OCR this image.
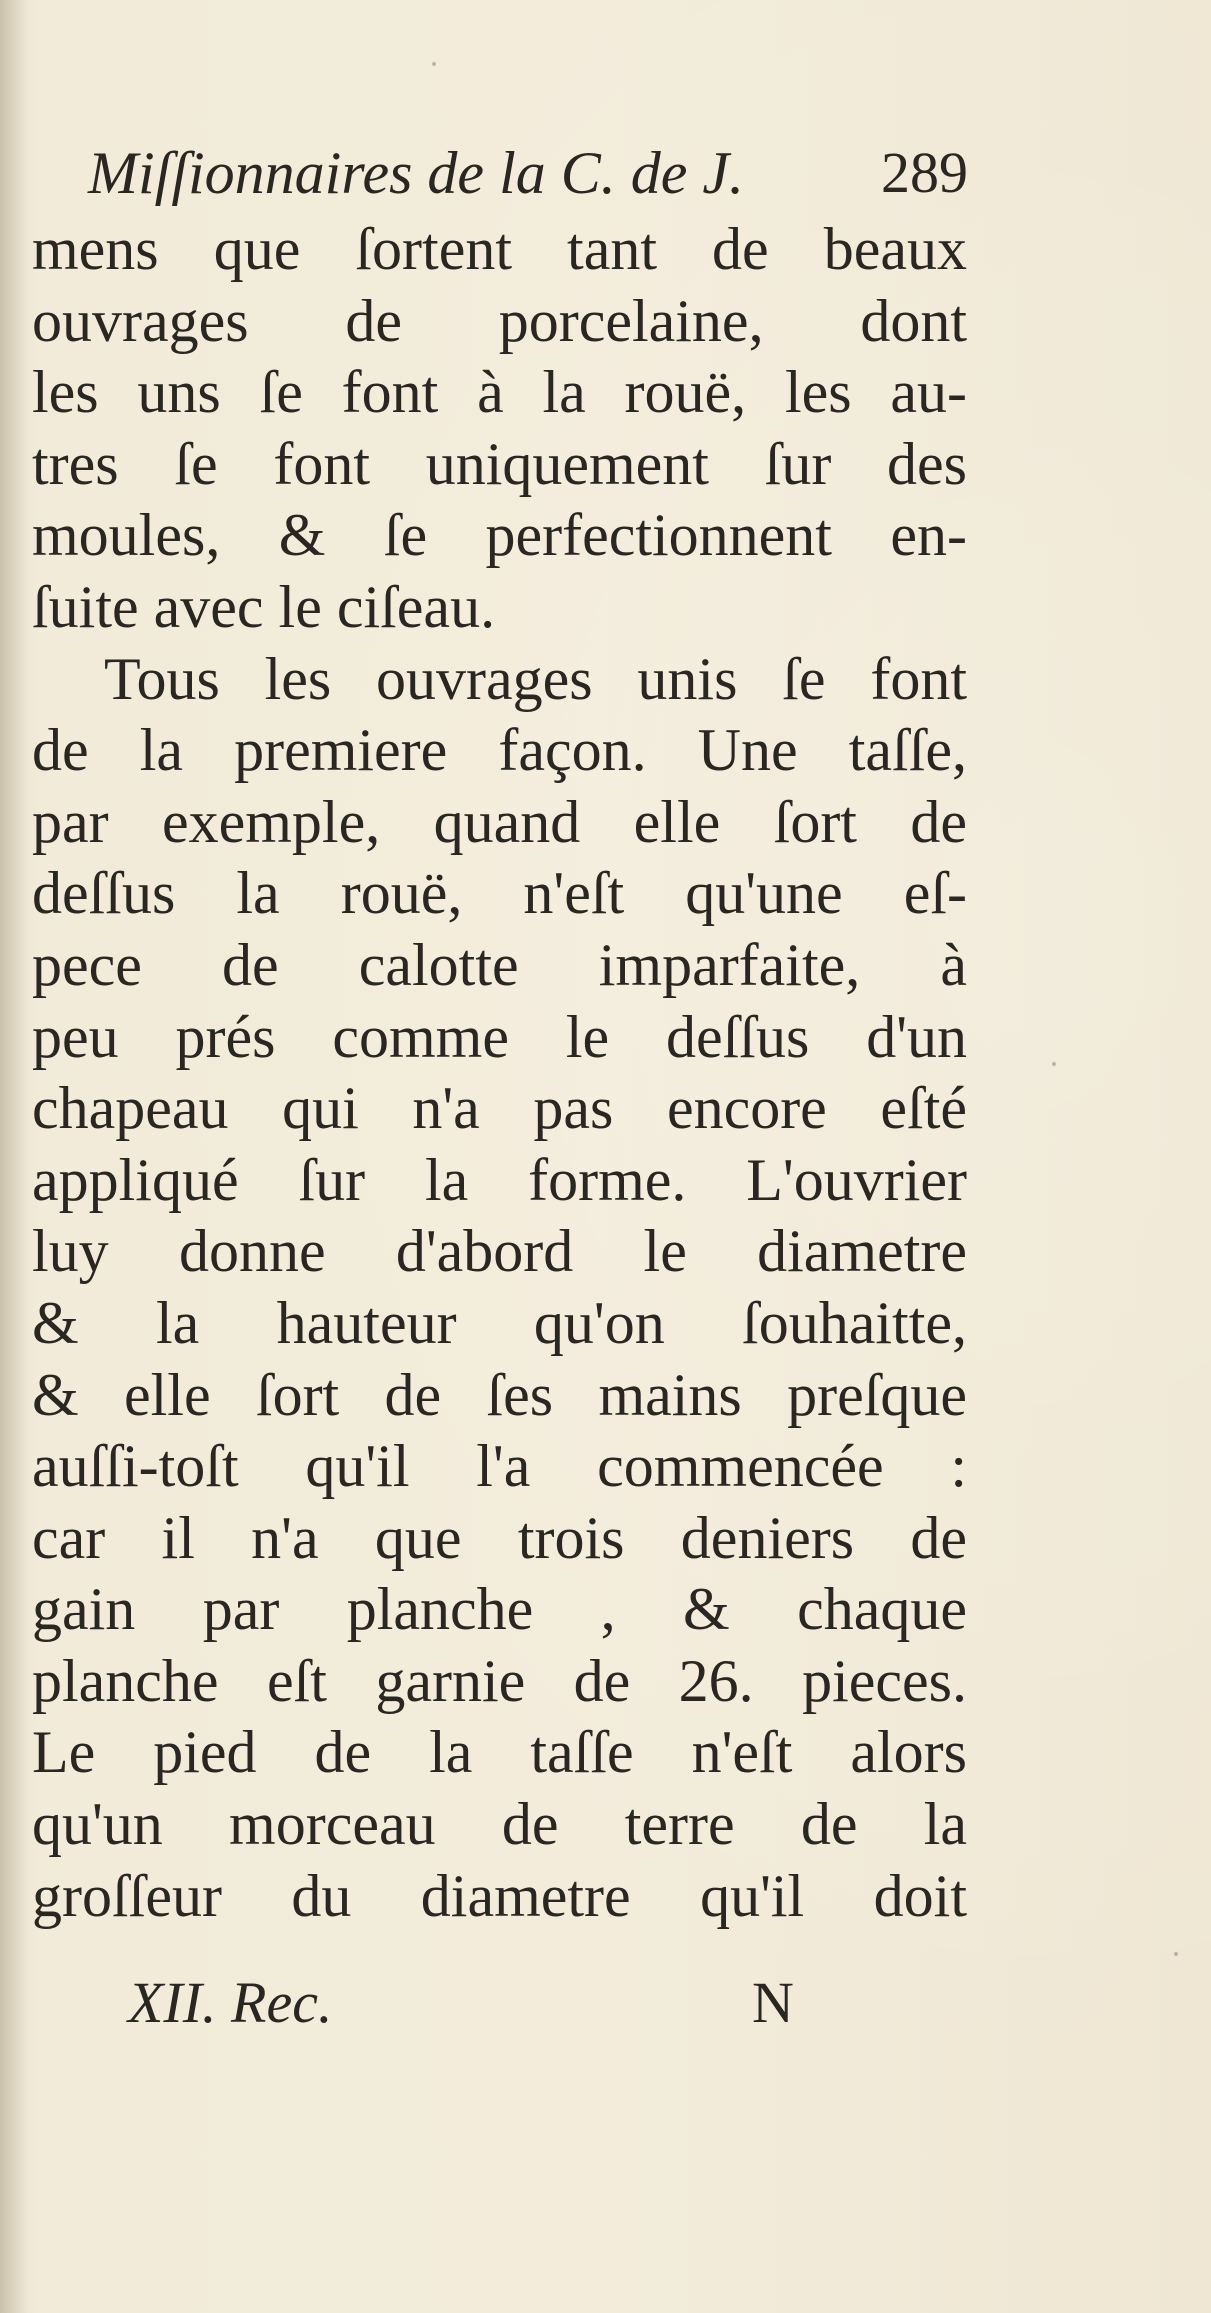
Miſſionnaires de la C. de J. 289
mens que ſortent tant de beaux
ouvrages de porcelaine, dont
les uns ſe font à la rouë, les au-
tres ſe font uniquement ſur des
moules, & ſe perfectionnent en-
ſuite avec le ciſeau.
Tous les ouvrages unis ſe font
de la premiere façon. Une taſſe,
par exemple, quand elle ſort de
deſſus la rouë, n'eſt qu'une eſ-
pece de calotte imparfaite, à
peu prés comme le deſſus d'un
chapeau qui n'a pas encore eſté
appliqué ſur la forme. L'ouvrier
luy donne d'abord le diametre
& la hauteur qu'on ſouhaitte,
& elle ſort de ſes mains preſque
auſſi-toſt qu'il l'a commencée :
car il n'a que trois deniers de
gain par planche , & chaque
planche eſt garnie de 26. pieces.
Le pied de la taſſe n'eſt alors
qu'un morceau de terre de la
groſſeur du diametre qu'il doit
XII. Rec.	N
